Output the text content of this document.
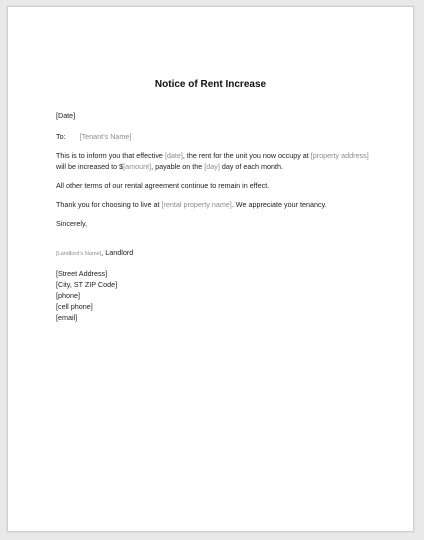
Notice of Rent Increase
[Date]
To: [Tenant’s Name]
This is to inform you that effective [date], the rent for the unit you now occupy at [property address] will be increased to $[amount], payable on the [day] day of each month.
All other terms of our rental agreement continue to remain in effect.
Thank you for choosing to live at [rental property name]. We appreciate your tenancy.
Sincerely,
[Landlord’s Name], Landlord
[Street Address]
[City, ST ZIP Code]
[phone]
[cell phone]
[email]
